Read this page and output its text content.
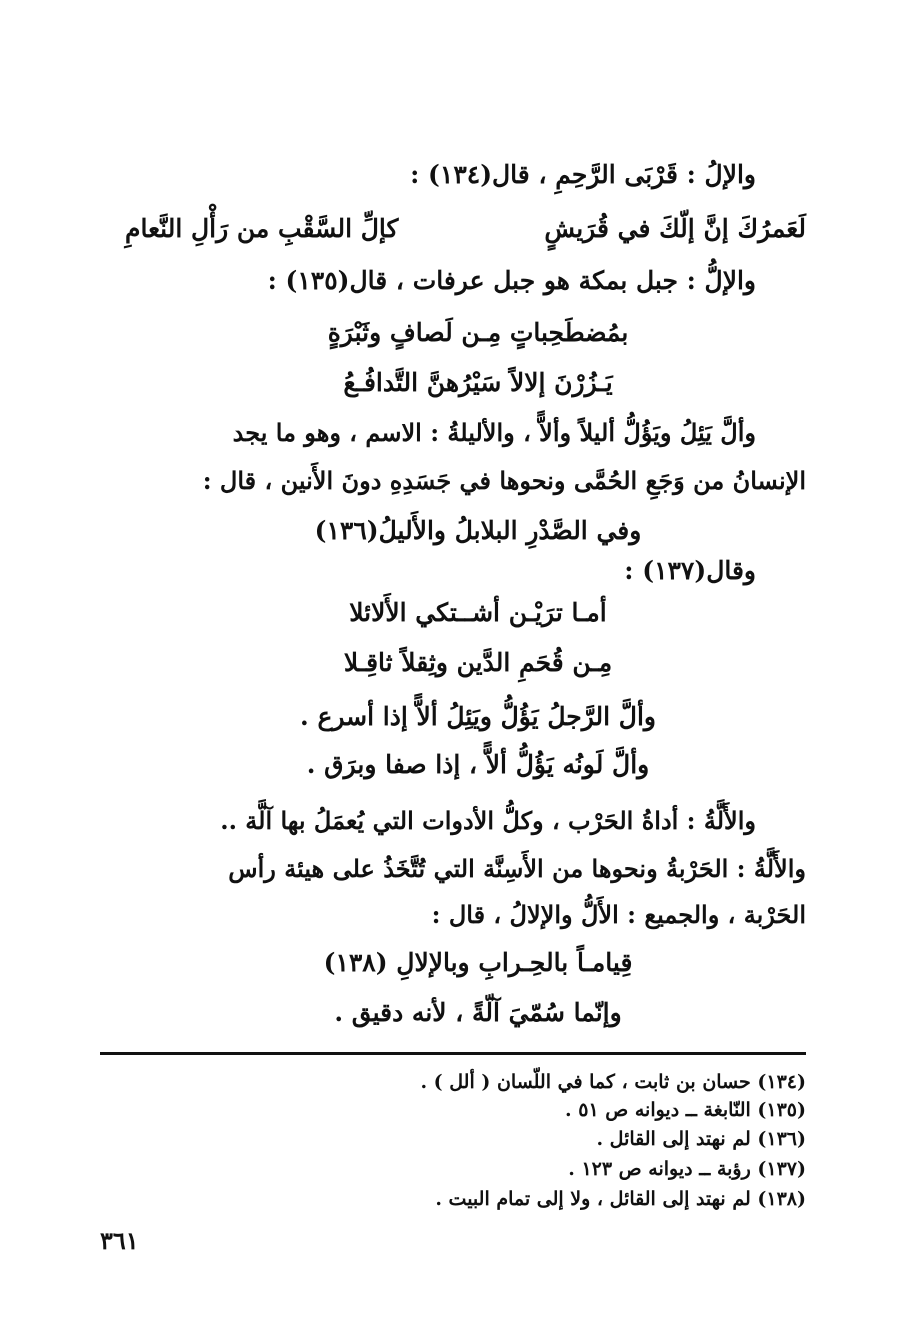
والإلُ : قَرْبَى الرَّحِمِ ، قال(١٣٤) :
لَعَمرُكَ إنَّ إلّكَ في قُرَيشٍ
كإلِّ السَّقْبِ من رَأْلِ النَّعامِ
والإلُّ : جبل بمكة هو جبل عرفات ، قال(١٣٥) :
بمُضطَحِباتٍ مِـن لَصافٍ وثَبْرَةٍ
يَـزُرْنَ إلالاً سَيْرُهنَّ التَّدافُـعُ
وألَّ يَئِلُ ويَؤُلُّ أليلاً وألاًّ ، والأليلةُ : الاسم ، وهو ما يجد
الإنسانُ من وَجَعِ الحُمَّى ونحوها في جَسَدِهِ دونَ الأَنين ، قال :
وفي الصَّدْرِ البلابلُ والأَليلُ(١٣٦)
وقال(١٣٧) :
أمـا ترَيْـن أشــتكي الأَلائلا
مِـن قُحَمِ الدَّين وثِقلاً ثاقِـلا
وألَّ الرَّجلُ يَؤُلُّ ويَئِلُ ألاًّ إذا أسرع .
وألَّ لَونُه يَؤُلُّ ألاًّ ، إذا صفا وبرَق .
والأَلَّةُ : أداةُ الحَرْب ، وكلُّ الأدوات التي يُعمَلُ بها آلَّة ..
والأَلَّةُ : الحَرْبةُ ونحوها من الأَسِنَّة التي تُتَّخَذُ على هيئة رأس
الحَرْبة ، والجميع : الأَلُّ والإلالُ ، قال :
قِيامـاً بالحِـرابِ وبالإلالِ (١٣٨)
وإنّما سُمّيَ آلّةً ، لأنه دقيق .
(١٣٤) حسان بن ثابت ، كما في اللّسان ( ألل ) .
(١٣٥) النّابغة ــ ديوانه ص ٥١ .
(١٣٦) لم نهتد إلى القائل .
(١٣٧) رؤبة ــ ديوانه ص ١٢٣ .
(١٣٨) لم نهتد إلى القائل ، ولا إلى تمام البيت .
٣٦١
